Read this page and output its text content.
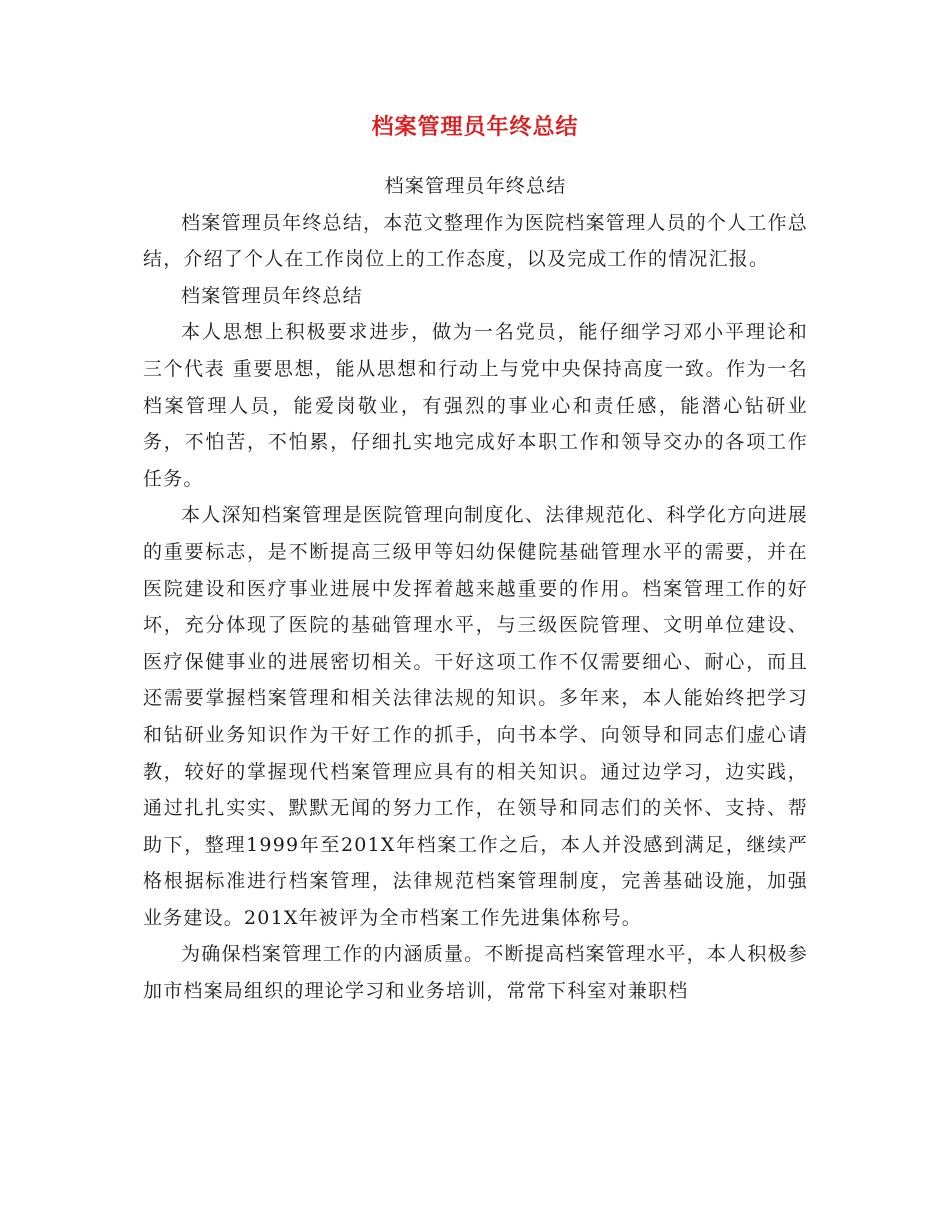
档案管理员年终总结

档案管理员年终总结

档案管理员年终总结，本范文整理作为医院档案管理人员的个人工作总结，介绍了个人在工作岗位上的工作态度，以及完成工作的情况汇报。

档案管理员年终总结

本人思想上积极要求进步，做为一名党员，能仔细学习邓小平理论和 三个代表 重要思想，能从思想和行动上与党中央保持高度一致。作为一名档案管理人员，能爱岗敬业，有强烈的事业心和责任感，能潜心钻研业务，不怕苦，不怕累，仔细扎实地完成好本职工作和领导交办的各项工作任务。

本人深知档案管理是医院管理向制度化、法律规范化、科学化方向进展的重要标志，是不断提高三级甲等妇幼保健院基础管理水平的需要，并在医院建设和医疗事业进展中发挥着越来越重要的作用。档案管理工作的好坏，充分体现了医院的基础管理水平，与三级医院管理、文明单位建设、医疗保健事业的进展密切相关。干好这项工作不仅需要细心、耐心，而且还需要掌握档案管理和相关法律法规的知识。多年来，本人能始终把学习和钻研业务知识作为干好工作的抓手，向书本学、向领导和同志们虚心请教，较好的掌握现代档案管理应具有的相关知识。通过边学习，边实践，通过扎扎实实、默默无闻的努力工作，在领导和同志们的关怀、支持、帮助下，整理1999年至201X年档案工作之后，本人并没感到满足，继续严格根据标准进行档案管理，法律规范档案管理制度，完善基础设施，加强业务建设。201X年被评为全市档案工作先进集体称号。

为确保档案管理工作的内涵质量。不断提高档案管理水平，本人积极参加市档案局组织的理论学习和业务培训，常常下科室对兼职档
